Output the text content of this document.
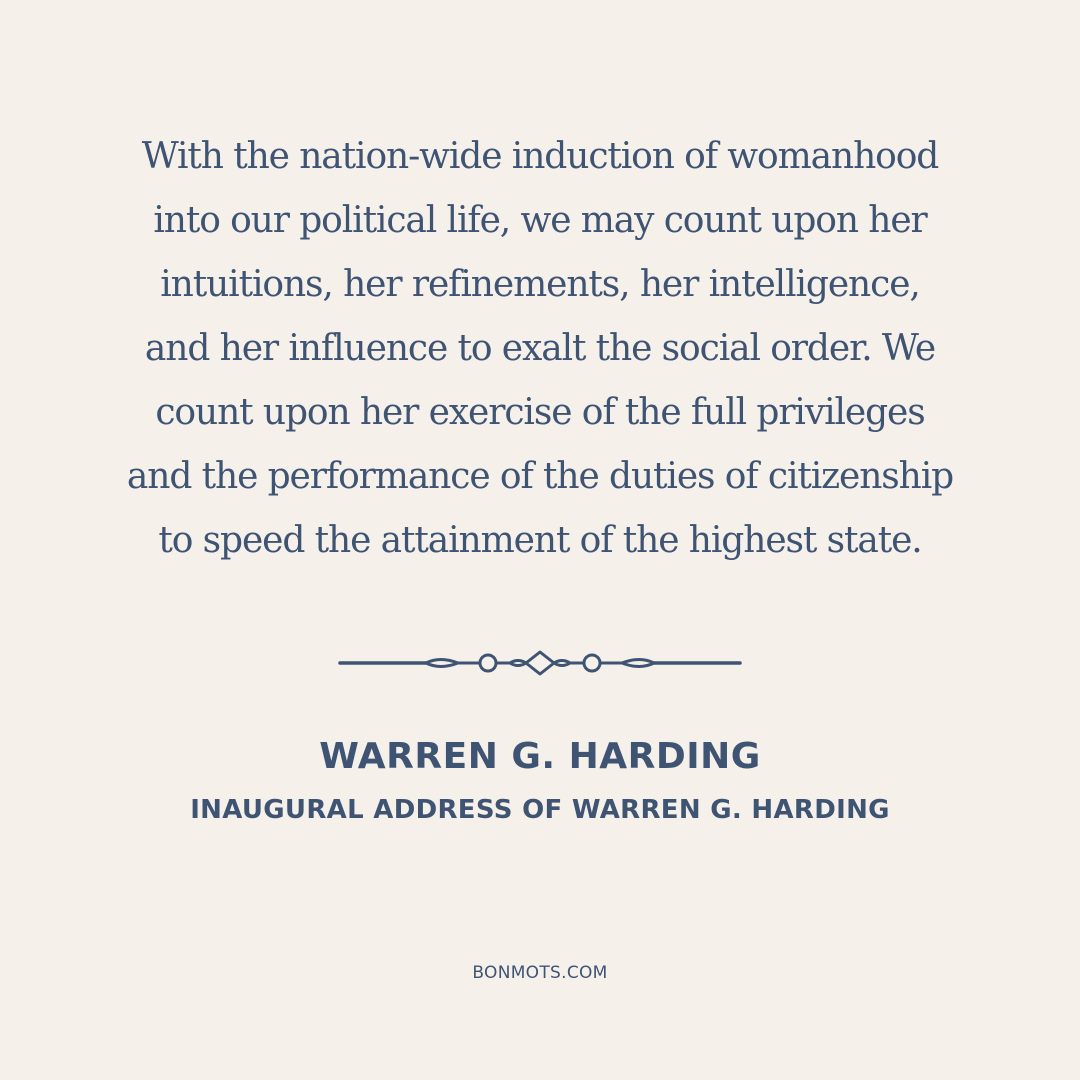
With the nation-wide induction of womanhood
into our political life, we may count upon her
intuitions, her refinements, her intelligence,
and her influence to exalt the social order. We
count upon her exercise of the full privileges
and the performance of the duties of citizenship
to speed the attainment of the highest state.
WARREN G. HARDING
INAUGURAL ADDRESS OF WARREN G. HARDING
BONMOTS.COM
